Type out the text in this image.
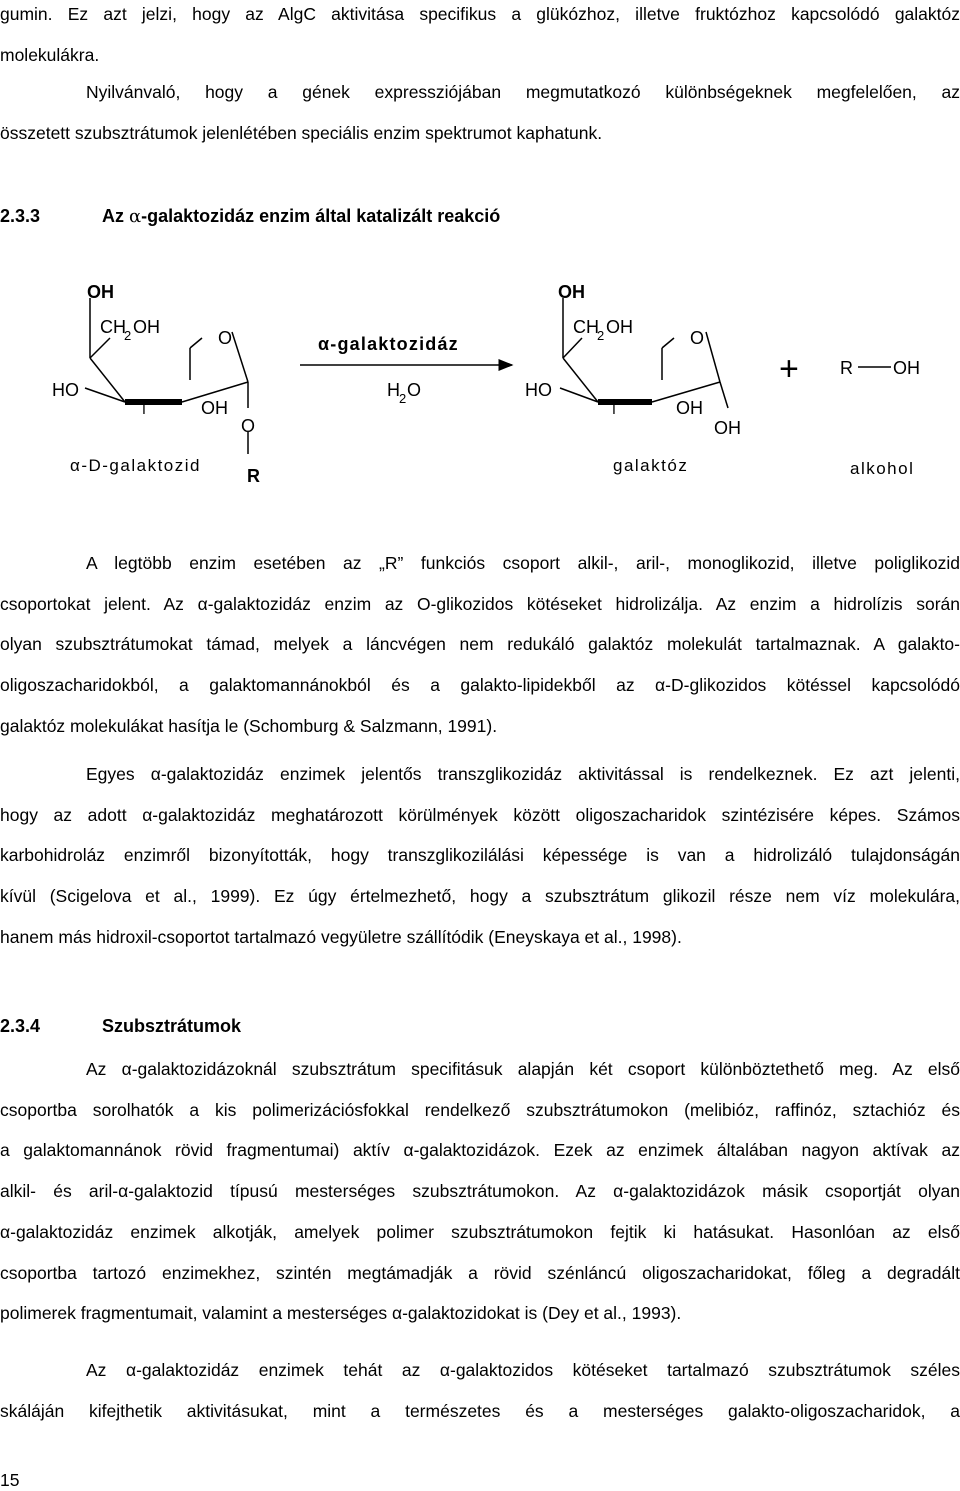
gumin. Ez azt jelzi, hogy az AlgC aktivitása specifikus a glükózhoz, illetve fruktózhoz kapcsolódó galaktóz
molekulákra.
Nyilvánvaló, hogy a gének expressziójában megmutatkozó különbségeknek megfelelően, az
összetett szubsztrátumok jelenlétében speciális enzim spektrumot kaphatunk.
2.3.3	Az α-galaktozidáz enzim által katalizált reakció
OH
CH
2 OH
O
HO
I	OH
O
R
α-D-galaktozid
α-galaktozidáz
H 2 O
OH
CH
2 OH
O
HO
I	OH
OH
galaktóz
+ R OH
alkohol
A legtöbb enzim esetében az „R” funkciós csoport alkil-, aril-, monoglikozid, illetve poliglikozid
csoportokat jelent. Az α-galaktozidáz enzim az O-glikozidos kötéseket hidrolizálja. Az enzim a hidrolízis során
olyan szubsztrátumokat támad, melyek a láncvégen nem redukáló galaktóz molekulát tartalmaznak. A galakto-
oligoszacharidokból, a galaktomannánokból és a galakto-lipidekből az α-D-glikozidos kötéssel kapcsolódó
galaktóz molekulákat hasítja le (Schomburg & Salzmann, 1991).
Egyes α-galaktozidáz enzimek jelentős transzglikozidáz aktivitással is rendelkeznek. Ez azt jelenti,
hogy az adott α-galaktozidáz meghatározott körülmények között oligoszacharidok szintézisére képes. Számos
karbohidroláz enzimről bizonyították, hogy transzglikozilálási képessége is van a hidrolizáló tulajdonságán
kívül (Scigelova et al., 1999). Ez úgy értelmezhető, hogy a szubsztrátum glikozil része nem víz molekulára,
hanem más hidroxil-csoportot tartalmazó vegyületre szállítódik (Eneyskaya et al., 1998).
2.3.4	Szubsztrátumok
Az α-galaktozidázoknál szubsztrátum specifitásuk alapján két csoport különböztethető meg. Az első
csoportba sorolhatók a kis polimerizációsfokkal rendelkező szubsztrátumokon (melibióz, raffinóz, sztachióz és
a galaktomannánok rövid fragmentumai) aktív α-galaktozidázok. Ezek az enzimek általában nagyon aktívak az
alkil- és aril-α-galaktozid típusú mesterséges szubsztrátumokon. Az α-galaktozidázok másik csoportját olyan
α-galaktozidáz enzimek alkotják, amelyek polimer szubsztrátumokon fejtik ki hatásukat. Hasonlóan az első
csoportba tartozó enzimekhez, szintén megtámadják a rövid szénláncú oligoszacharidokat, főleg a degradált
polimerek fragmentumait, valamint a mesterséges α-galaktozidokat is (Dey et al., 1993).
Az α-galaktozidáz enzimek tehát az α-galaktozidos kötéseket tartalmazó szubsztrátumok széles
skáláján kifejthetik aktivitásukat, mint a természetes és a mesterséges galakto-oligoszacharidok, a
15
